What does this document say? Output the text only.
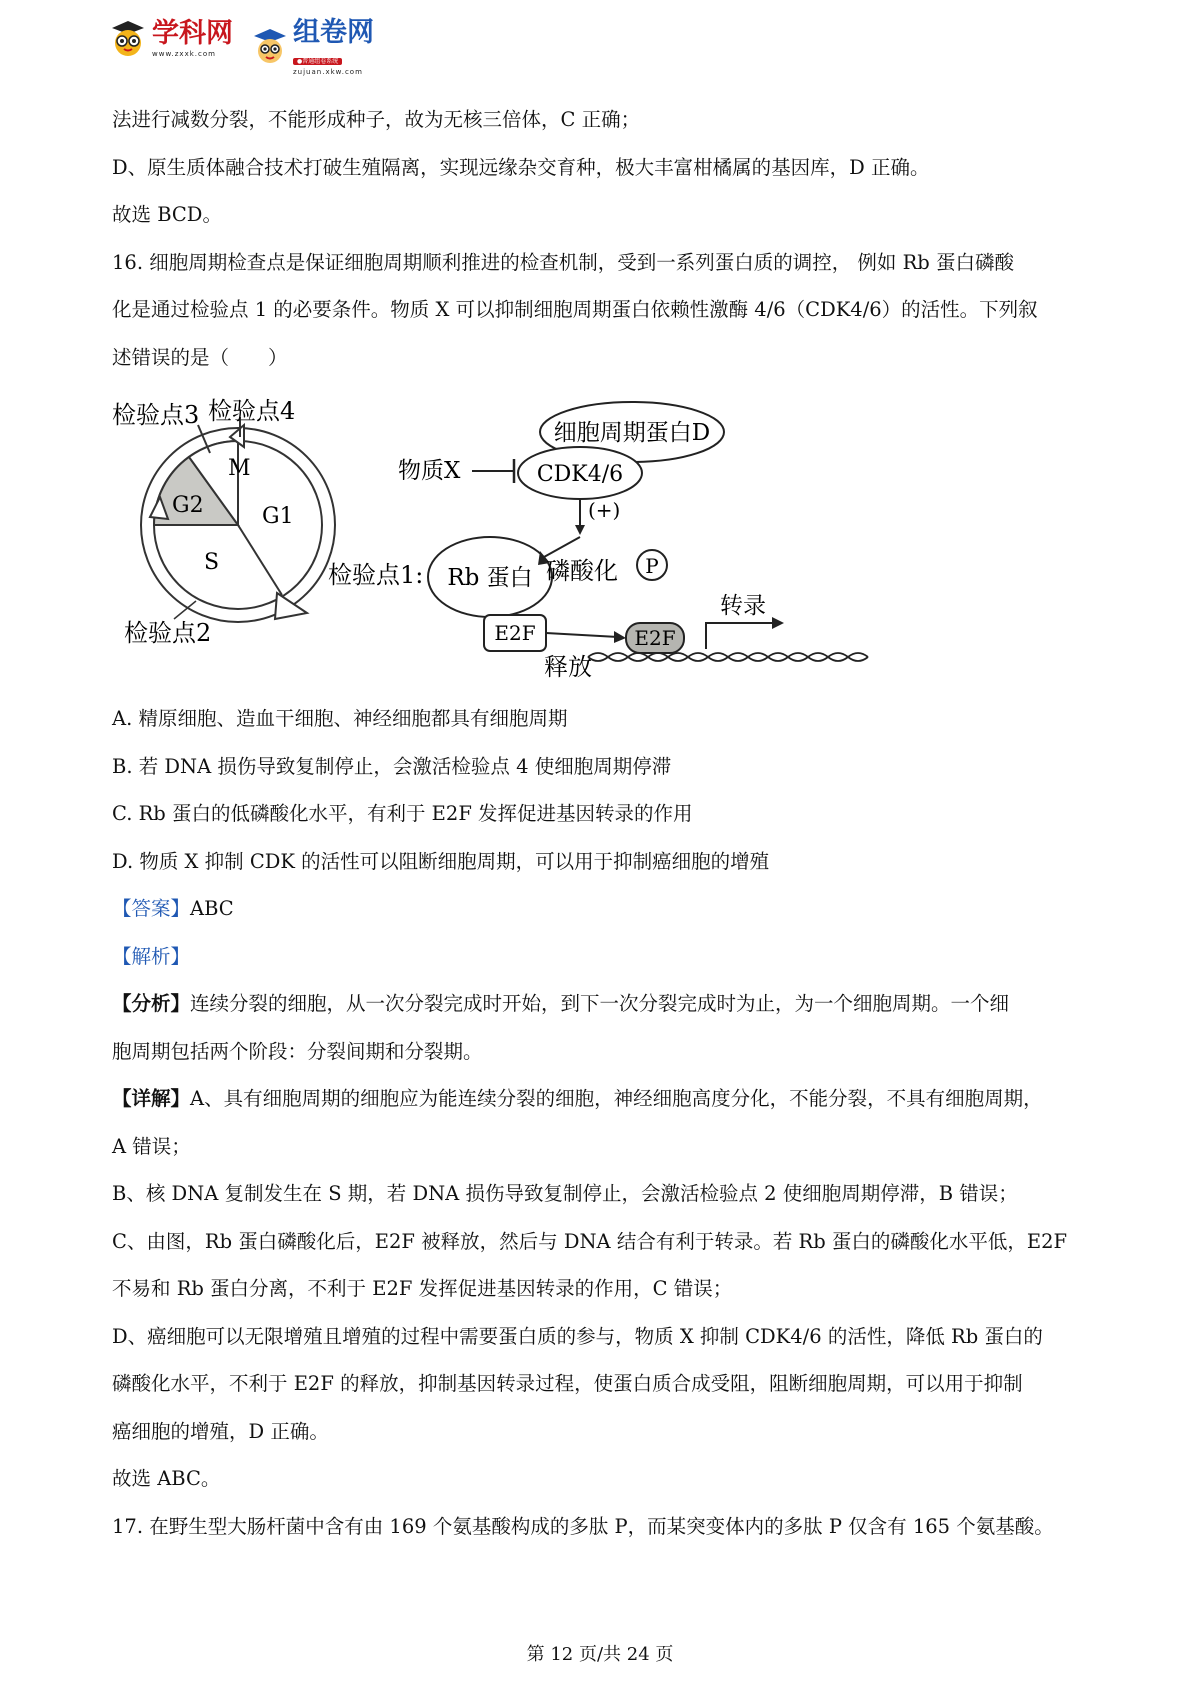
学科网
www.zxxk.com
组卷网
●普通组卷系统
zujuan.xkw.com

法进行减数分裂，不能形成种子，故为无核三倍体，C 正确；

D、原生质体融合技术打破生殖隔离，实现远缘杂交育种，极大丰富柑橘属的基因库，D 正确。

故选 BCD。

16. 细胞周期检查点是保证细胞周期顺利推进的检查机制，受到一系列蛋白质的调控， 例如 Rb 蛋白磷酸

化是通过检验点 1 的必要条件。物质 X 可以抑制细胞周期蛋白依赖性激酶 4/6（CDK4/6）的活性。下列叙

述错误的是（　　）

M
G2	G1
S
检验点3 检验点4
检验点2
检验点1:
细胞周期蛋白D
CDK4/6
物质X
(+)
Rb 蛋白 磷酸化 P
E2F
释放
E2F
转录

A. 精原细胞、造血干细胞、神经细胞都具有细胞周期

B. 若 DNA 损伤导致复制停止，会激活检验点 4 使细胞周期停滞

C. Rb 蛋白的低磷酸化水平，有利于 E2F 发挥促进基因转录的作用

D. 物质 X 抑制 CDK 的活性可以阻断细胞周期，可以用于抑制癌细胞的增殖

【答案】ABC

【解析】

【分析】连续分裂的细胞，从一次分裂完成时开始，到下一次分裂完成时为止，为一个细胞周期。一个细

胞周期包括两个阶段：分裂间期和分裂期。

【详解】A、具有细胞周期的细胞应为能连续分裂的细胞，神经细胞高度分化，不能分裂，不具有细胞周期，

A 错误；

B、核 DNA 复制发生在 S 期，若 DNA 损伤导致复制停止，会激活检验点 2 使细胞周期停滞，B 错误；

C、由图，Rb 蛋白磷酸化后，E2F 被释放，然后与 DNA 结合有利于转录。若 Rb 蛋白的磷酸化水平低，E2F

不易和 Rb 蛋白分离，不利于 E2F 发挥促进基因转录的作用，C 错误；

D、癌细胞可以无限增殖且增殖的过程中需要蛋白质的参与，物质 X 抑制 CDK4/6 的活性，降低 Rb 蛋白的

磷酸化水平，不利于 E2F 的释放，抑制基因转录过程，使蛋白质合成受阻，阻断细胞周期，可以用于抑制

癌细胞的增殖，D 正确。

故选 ABC。

17. 在野生型大肠杆菌中含有由 169 个氨基酸构成的多肽 P，而某突变体内的多肽 P 仅含有 165 个氨基酸。

第 12 页/共 24 页
